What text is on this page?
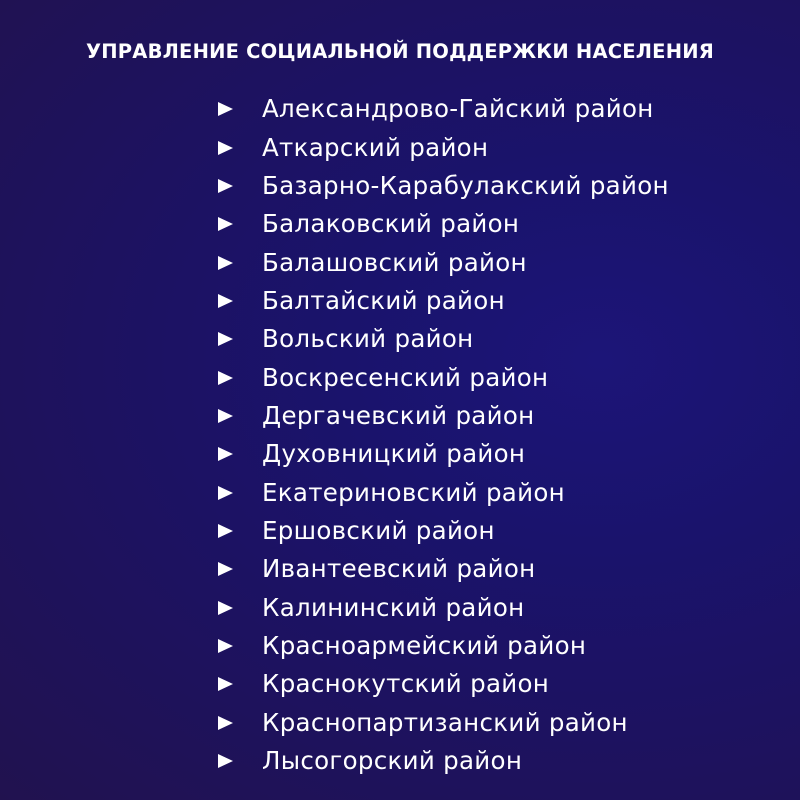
УПРАВЛЕНИЕ СОЦИАЛЬНОЙ ПОДДЕРЖКИ НАСЕЛЕНИЯ
Александрово-Гайский район
Аткарский район
Базарно-Карабулакский район
Балаковский район
Балашовский район
Балтайский район
Вольский район
Воскресенский район
Дергачевский район
Духовницкий район
Екатериновский район
Ершовский район
Ивантеевский район
Калининский район
Красноармейский район
Краснокутский район
Краснопартизанский район
Лысогорский район
